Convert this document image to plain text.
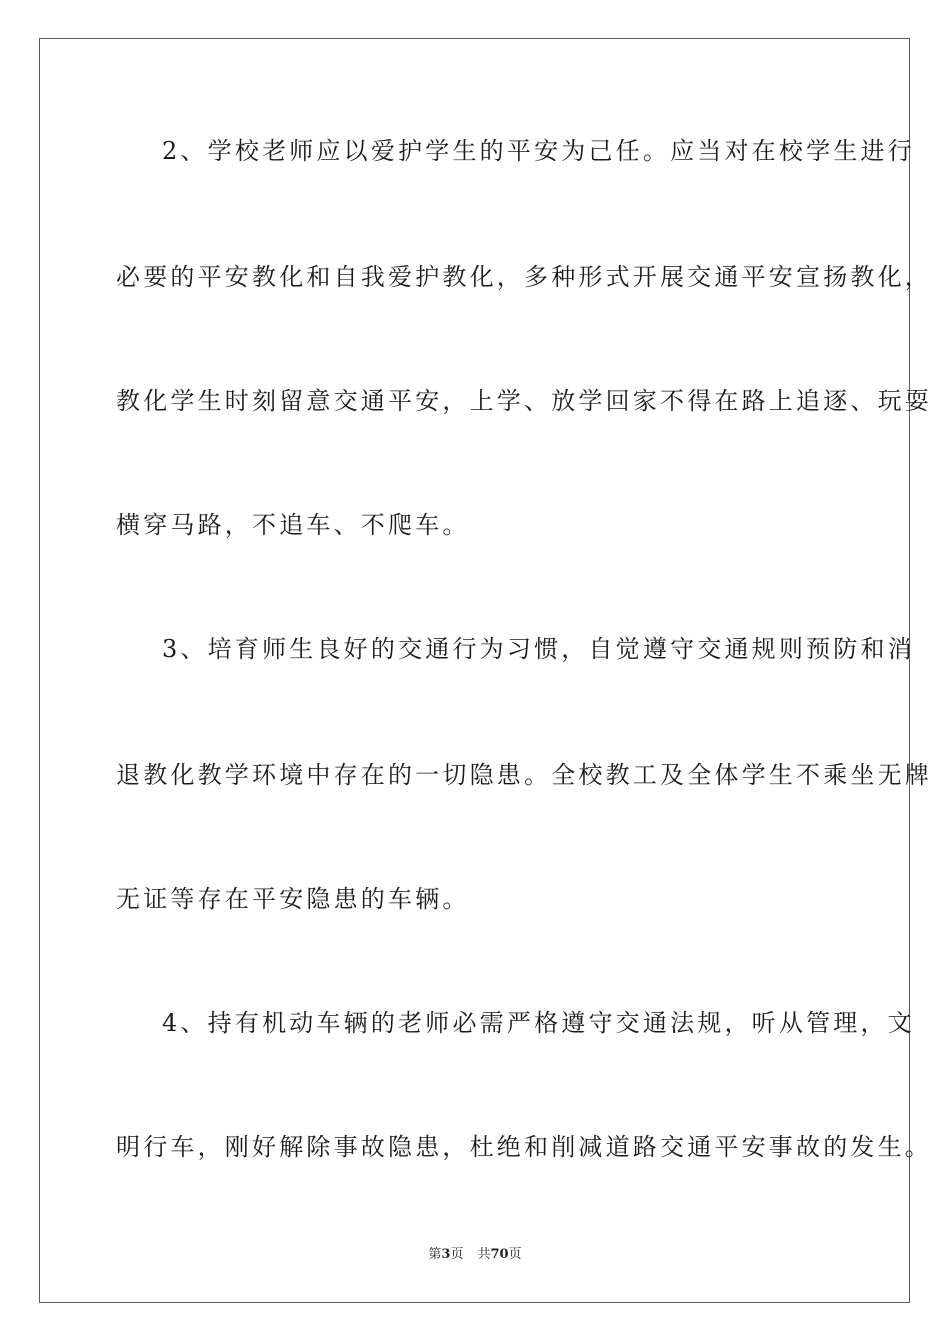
2、学校老师应以爱护学生的平安为己任。应当对在校学生进行
必要的平安教化和自我爱护教化，多种形式开展交通平安宣扬教化，
教化学生时刻留意交通平安，上学、放学回家不得在路上追逐、玩耍
横穿马路，不追车、不爬车。
3、培育师生良好的交通行为习惯，自觉遵守交通规则预防和消
退教化教学环境中存在的一切隐患。全校教工及全体学生不乘坐无牌
无证等存在平安隐患的车辆。
4、持有机动车辆的老师必需严格遵守交通法规，听从管理，文
明行车，刚好解除事故隐患，杜绝和削减道路交通平安事故的发生。
第3页 共70页
